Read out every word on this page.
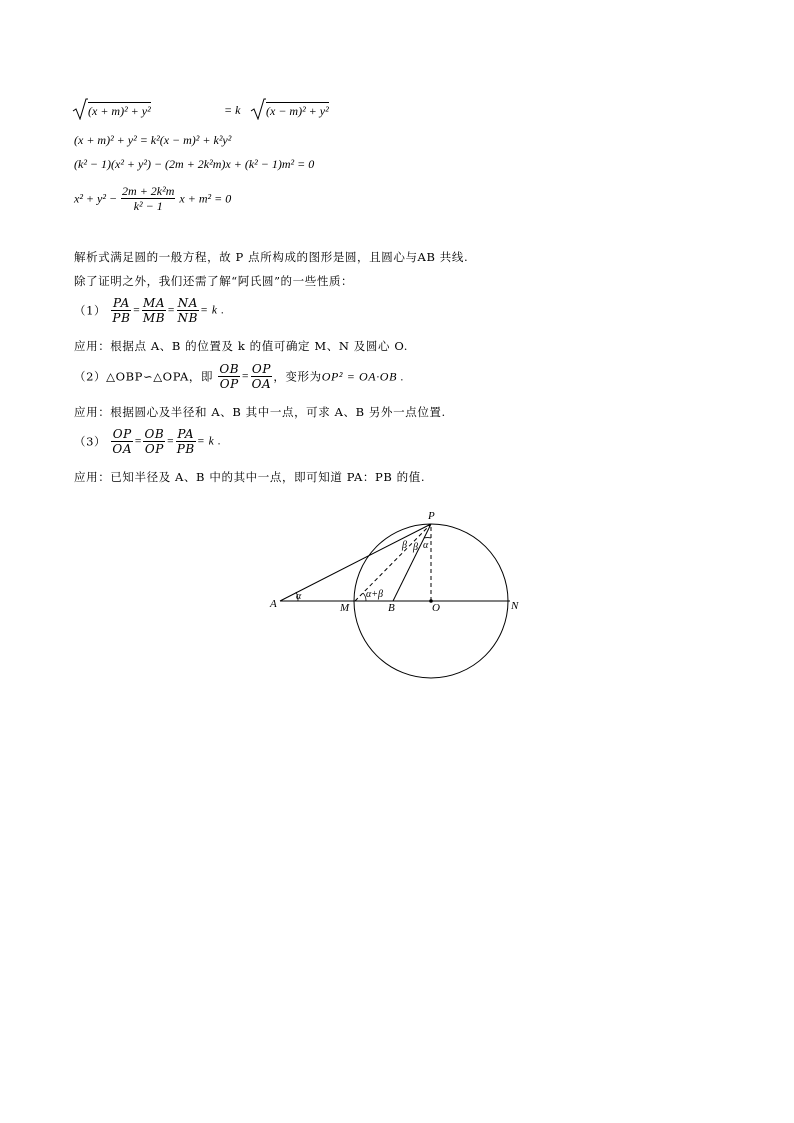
(x + m)² + y²	= k (x − m)² + y²
(x + m)² + y² = k²(x − m)² + k²y²
(k² − 1)(x² + y²) − (2m + 2k²m)x + (k² − 1)m² = 0
$x^2 + y^2 - \frac{\text{2m + 2k²m}}{\text{k² − 1}}$ x + m² = 0
解析式满足圆的一般方程，故 P 点所构成的图形是圆，且圆心与AB 共线.
除了证明之外，我们还需了解“阿氏圆”的一些性质：
$(1) \frac{PA}{PB} = \frac{MA}{MB} = \frac{NA}{NB} = k$ .
应用：根据点 A、B 的位置及 k 的值可确定 M、N 及圆心 O.
（2）△OBP∽△OPA，即 $\frac{OB}{OP} = \frac{OP}{OA}$ ，变形为OP² = OA·OB .
应用：根据圆心及半径和 A、B 其中一点，可求 A、B 另外一点位置.
$(3) \frac{OP}{OA} = \frac{OB}{OP} = \frac{PA}{PB} = k$ .
应用：已知半径及 A、B 中的其中一点，即可知道 PA：PB 的值.
P
A	M	B	O	N
α	α+β
β β α
